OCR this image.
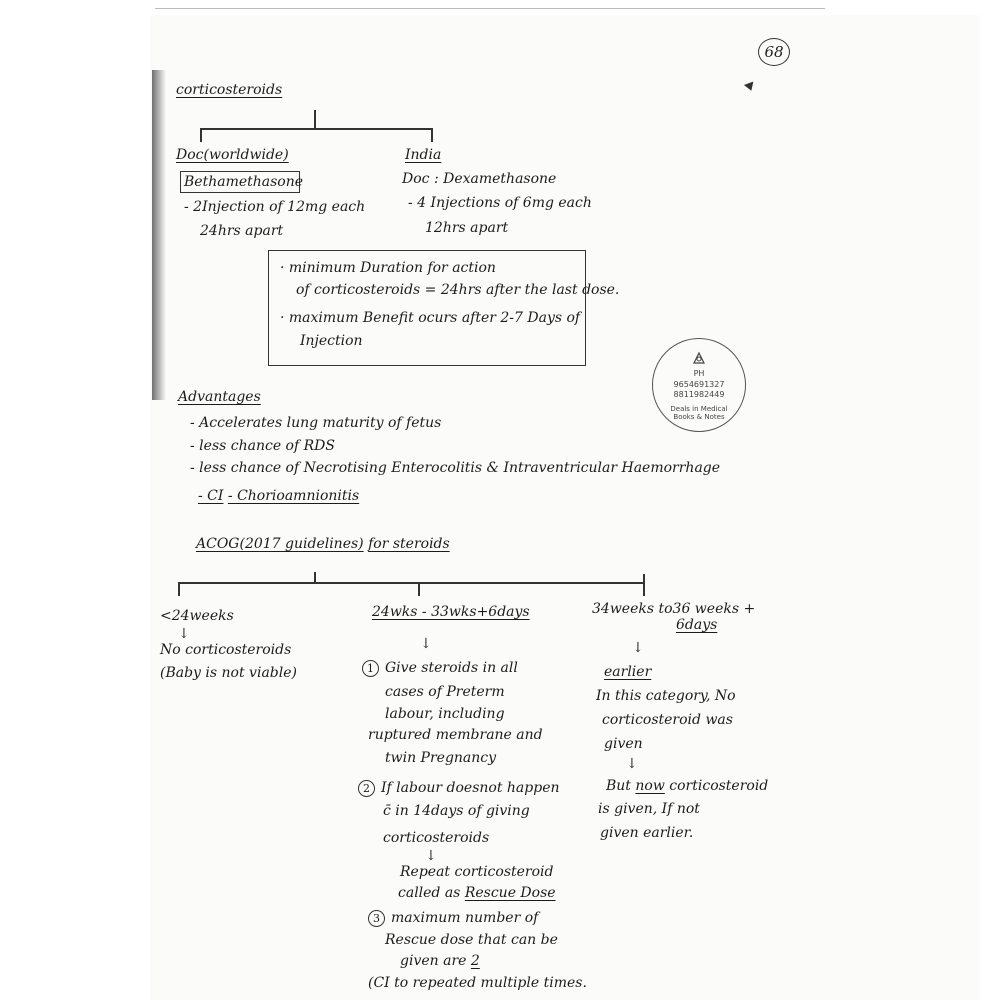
68
corticosteroids
Doc(worldwide)
Bethamethasone
- 2Injection of 12mg each
24hrs apart
India
Doc : Dexamethasone
- 4 Injections of 6mg each
12hrs apart
· minimum Duration for action
of corticosteroids = 24hrs after the last dose.
· maximum Benefit ocurs after 2-7 Days of
Injection
PH
9654691327
8811982449
Deals in Medical Books & Notes
Advantages
- Accelerates lung maturity of fetus
- less chance of RDS
- less chance of Necrotising Enterocolitis & Intraventricular Haemorrhage
- CI - Chorioamnionitis
ACOG(2017 guidelines) for steroids
<24weeks
↓
No corticosteroids
(Baby is not viable)
24wks - 33wks+6days
↓
1 Give steroids in all
cases of Preterm
labour, including
ruptured membrane and
twin Pregnancy
2 If labour doesnot happen
c̄ in 14days of giving
corticosteroids
↓
Repeat corticosteroid
called as Rescue Dose
3 maximum number of
Rescue dose that can be
given are 2
(CI to repeated multiple times.
34weeks to36 weeks +
6days
↓
earlier
In this category, No
corticosteroid was
given
↓
But now corticosteroid
is given, If not
given earlier.
